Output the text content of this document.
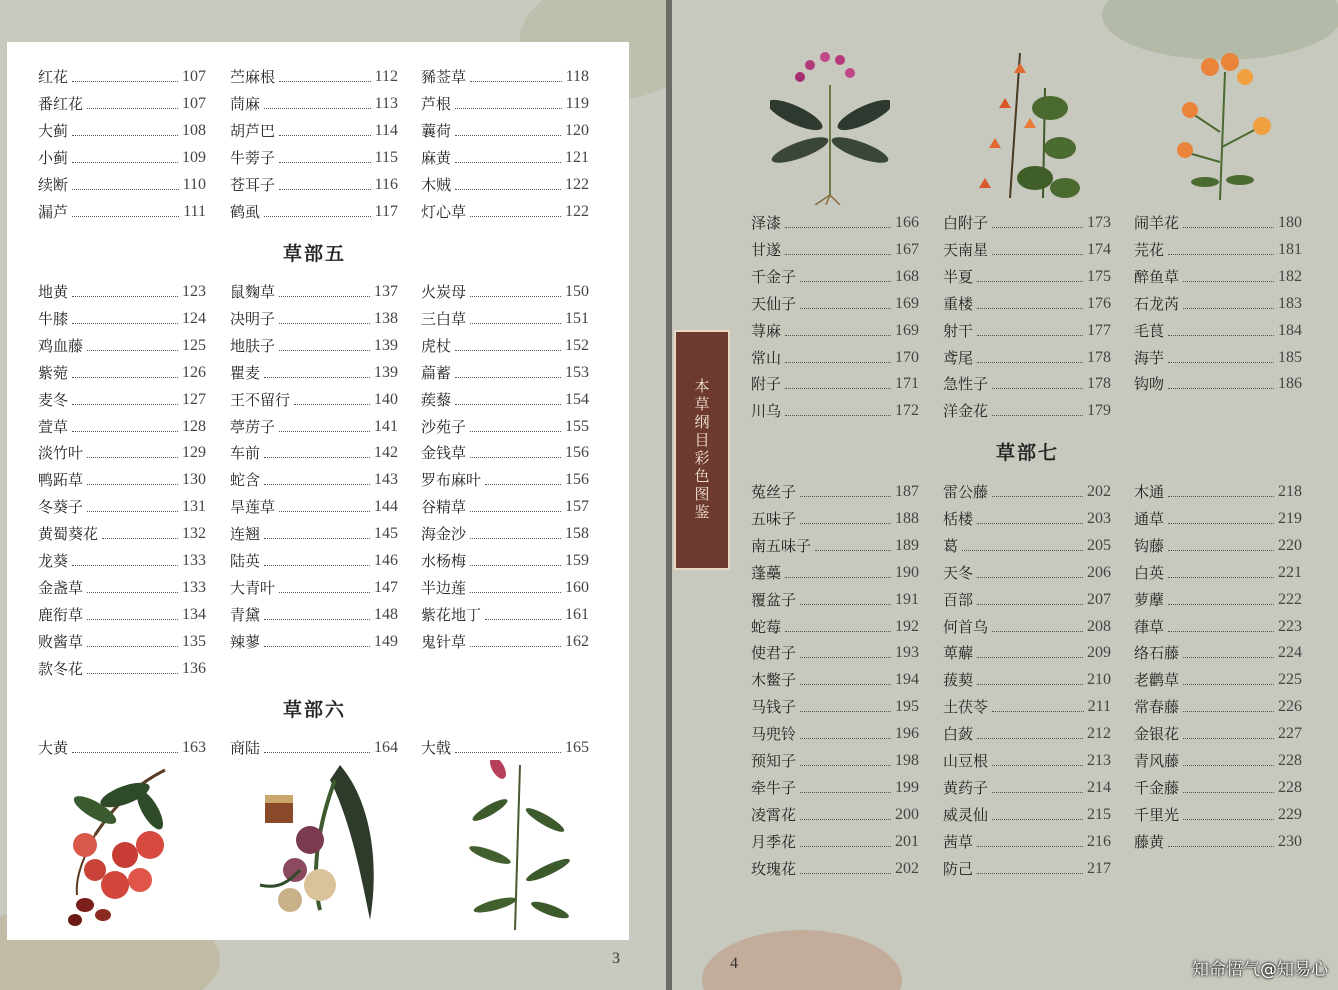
3	4
本草纲目彩色图鉴
知命悟气@知易心
红花	107
番红花	107
大蓟	108
小蓟	109
续断	110
漏芦	111
苎麻根	112
茼麻	113
胡芦巴	114
牛蒡子	115
苍耳子	116
鹤虱	117
豨莶草	118
芦根	119
蘘荷	120
麻黄	121
木贼	122
灯心草	122
草部五
地黄	123
牛膝	124
鸡血藤	125
紫菀	126
麦冬	127
萱草	128
淡竹叶	129
鸭跖草	130
冬葵子	131
黄蜀葵花	132
龙葵	133
金盏草	133
鹿衔草	134
败酱草	135
款冬花	136
鼠麴草	137
决明子	138
地肤子	139
瞿麦	139
王不留行	140
葶苈子	141
车前	142
蛇含	143
旱莲草	144
连翘	145
陆英	146
大青叶	147
青黛	148
辣蓼	149
火炭母	150
三白草	151
虎杖	152
萹蓄	153
蒺藜	154
沙苑子	155
金钱草	156
罗布麻叶	156
谷精草	157
海金沙	158
水杨梅	159
半边莲	160
紫花地丁	161
鬼针草	162
草部六
大黄	163 商陆	164 大戟	165
泽漆	166
甘遂	167
千金子	168
天仙子	169
荨麻	169
常山	170
附子	171
川乌	172
白附子	173
天南星	174
半夏	175
重楼	176
射干	177
鸢尾	178
急性子	178
洋金花	179
闹羊花	180
芫花	181
醉鱼草	182
石龙芮	183
毛茛	184
海芋	185
钩吻	186
草部七
菟丝子	187
五味子	188
南五味子	189
蓬蘽	190
覆盆子	191
蛇莓	192
使君子	193
木鳖子	194
马钱子	195
马兜铃	196
预知子	198
牵牛子	199
凌霄花	200
月季花	201
玫瑰花	202
雷公藤	202
栝楼	203
葛	205
天冬	206
百部	207
何首乌	208
萆薢	209
菝葜	210
土茯苓	211
白蔹	212
山豆根	213
黄药子	214
威灵仙	215
茜草	216
防己	217
木通	218
通草	219
钩藤	220
白英	221
萝藦	222
葎草	223
络石藤	224
老鹳草	225
常春藤	226
金银花	227
青风藤	228
千金藤	228
千里光	229
藤黄	230
